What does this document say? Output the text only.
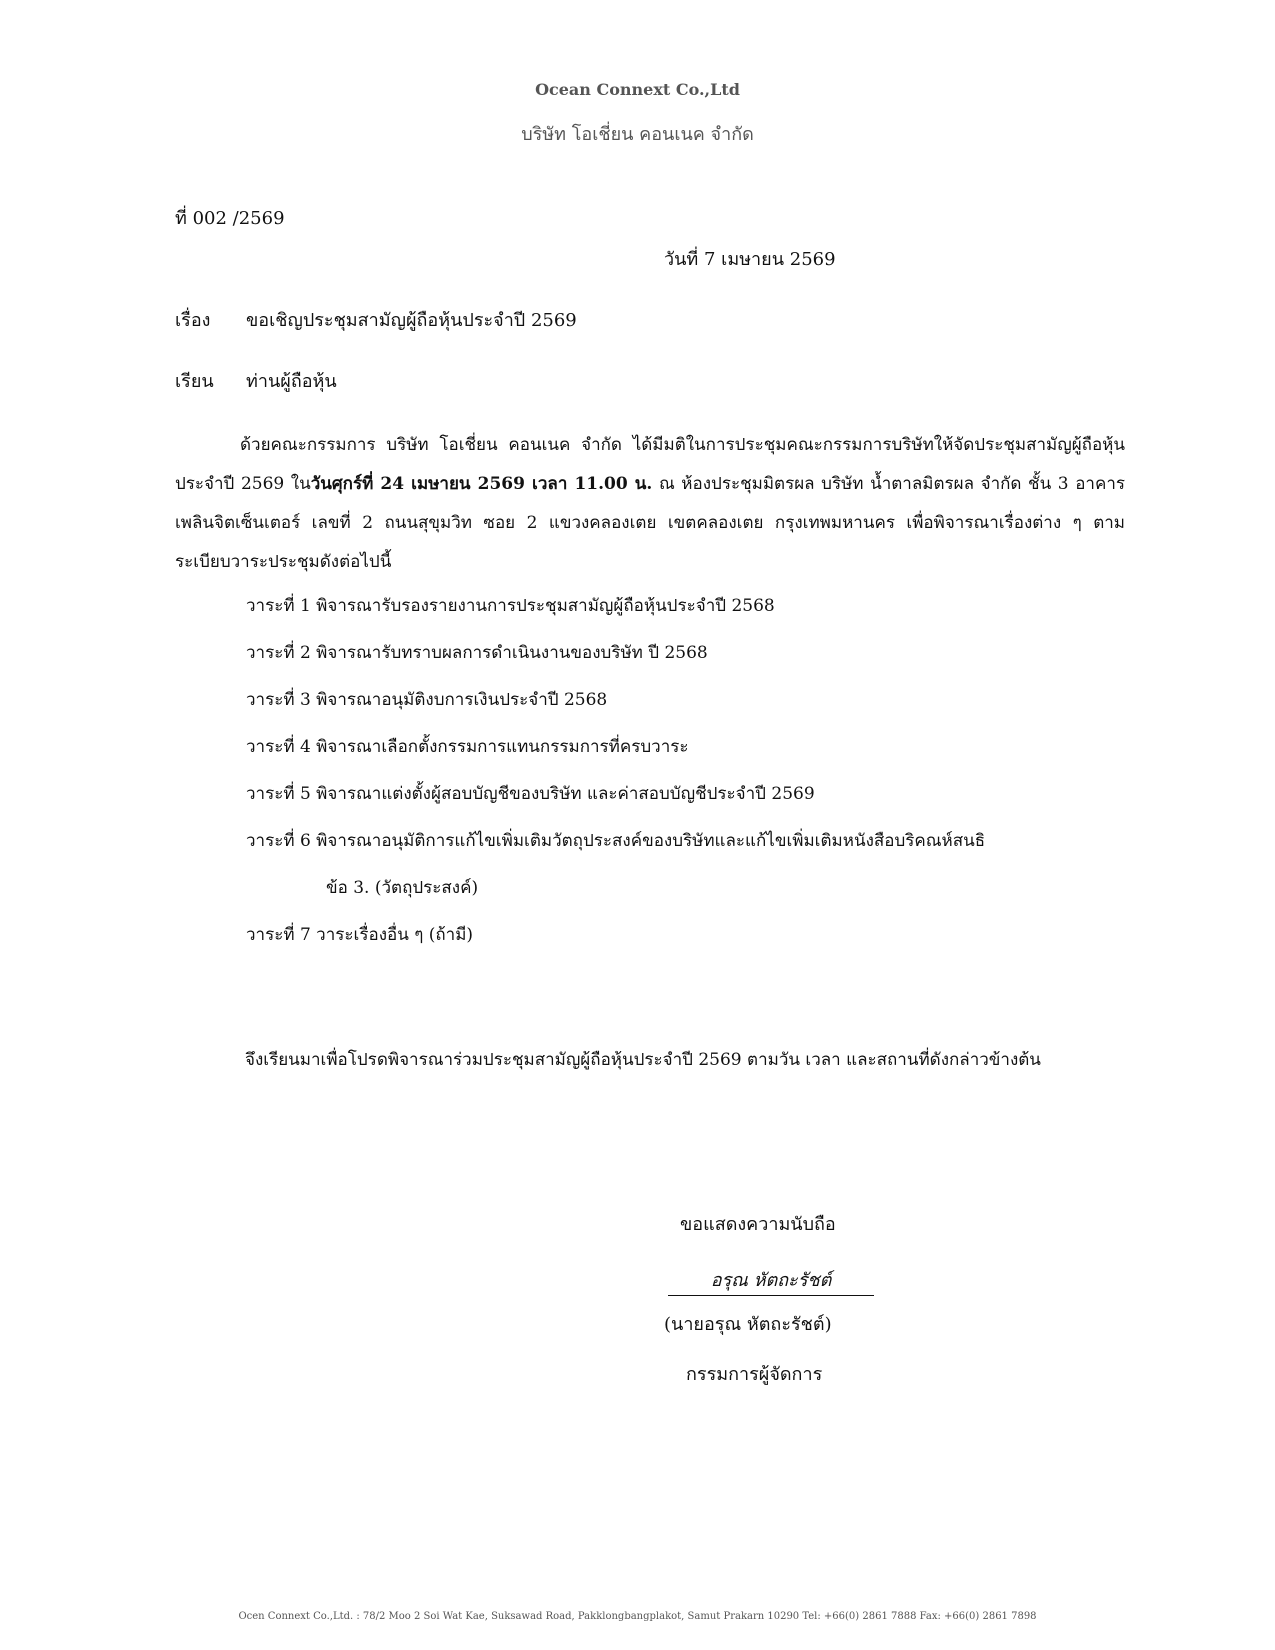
Ocean Connext Co.,Ltd
บริษัท โอเชี่ยน คอนเนค จำกัด
ที่ 002 /2569
วันที่ 7 เมษายน 2569
เรื่อง ขอเชิญประชุมสามัญผู้ถือหุ้นประจำปี 2569
เรียน ท่านผู้ถือหุ้น
ด้วยคณะกรรมการ บริษัท โอเชี่ยน คอนเนค จำกัด ได้มีมติในการประชุมคณะกรรมการบริษัทให้จัดประชุมสามัญผู้ถือหุ้นประจำปี 2569 ในวันศุกร์ที่ 24 เมษายน 2569 เวลา 11.00 น. ณ ห้องประชุมมิตรผล บริษัท น้ำตาลมิตรผล จำกัด ชั้น 3 อาคารเพลินจิตเซ็นเตอร์ เลขที่ 2 ถนนสุขุมวิท ซอย 2 แขวงคลองเตย เขตคลองเตย กรุงเทพมหานคร เพื่อพิจารณาเรื่องต่าง ๆ ตามระเบียบวาระประชุมดังต่อไปนี้
วาระที่ 1 พิจารณารับรองรายงานการประชุมสามัญผู้ถือหุ้นประจำปี 2568
วาระที่ 2 พิจารณารับทราบผลการดำเนินงานของบริษัท ปี 2568
วาระที่ 3 พิจารณาอนุมัติงบการเงินประจำปี 2568
วาระที่ 4 พิจารณาเลือกตั้งกรรมการแทนกรรมการที่ครบวาระ
วาระที่ 5 พิจารณาแต่งตั้งผู้สอบบัญชีของบริษัท และค่าสอบบัญชีประจำปี 2569
วาระที่ 6 พิจารณาอนุมัติการแก้ไขเพิ่มเติมวัตถุประสงค์ของบริษัทและแก้ไขเพิ่มเติมหนังสือบริคณห์สนธิ
ข้อ 3. (วัตถุประสงค์)
วาระที่ 7 วาระเรื่องอื่น ๆ (ถ้ามี)
จึงเรียนมาเพื่อโปรดพิจารณาร่วมประชุมสามัญผู้ถือหุ้นประจำปี 2569 ตามวัน เวลา และสถานที่ดังกล่าวข้างต้น
ขอแสดงความนับถือ
อรุณ หัตถะรัชต์
(นายอรุณ หัตถะรัชต์)
กรรมการผู้จัดการ
Ocen Connext Co.,Ltd. : 78/2 Moo 2 Soi Wat Kae, Suksawad Road, Pakklongbangplakot, Samut Prakarn 10290 Tel: +66(0) 2861 7888 Fax: +66(0) 2861 7898
